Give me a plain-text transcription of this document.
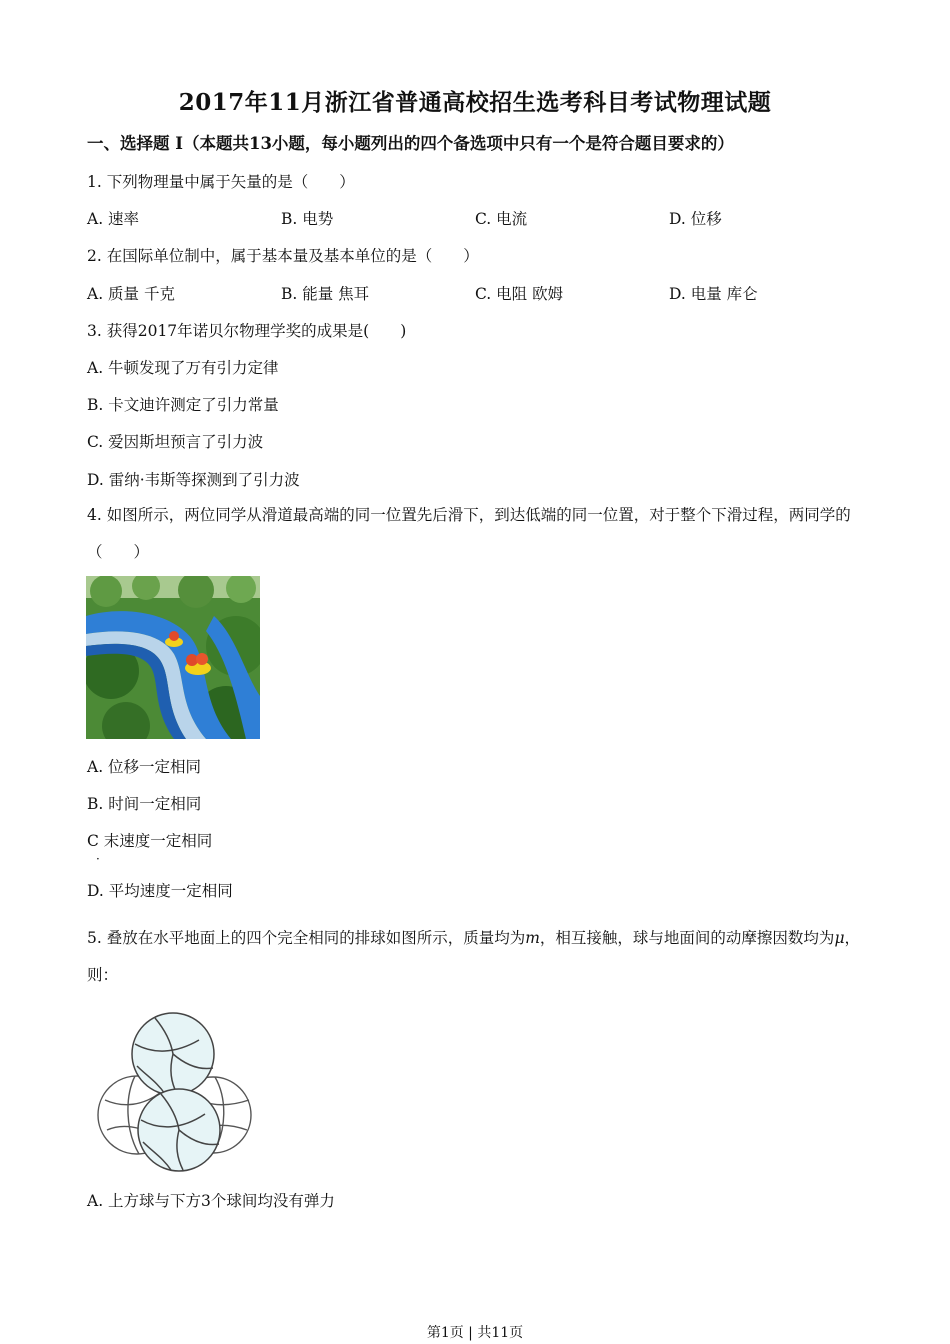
2017年11月浙江省普通高校招生选考科目考试物理试题
一、选择题 I（本题共13小题，每小题列出的四个备选项中只有一个是符合题目要求的）
1. 下列物理量中属于矢量的是（　　）
A. 速率	B. 电势	C. 电流	D. 位移
2. 在国际单位制中，属于基本量及基本单位的是（　　）
A. 质量 千克	B. 能量 焦耳	C. 电阻 欧姆	D. 电量 库仑
3. 获得2017年诺贝尔物理学奖的成果是(　　)
A. 牛顿发现了万有引力定律
B. 卡文迪许测定了引力常量
C. 爱因斯坦预言了引力波
D. 雷纳·韦斯等探测到了引力波
4. 如图所示，两位同学从滑道最高端的同一位置先后滑下，到达低端的同一位置，对于整个下滑过程，两同学的（　　）
A. 位移一定相同
B. 时间一定相同
C 末速度一定相同
·
D. 平均速度一定相同
5. 叠放在水平地面上的四个完全相同的排球如图所示，质量均为m，相互接触，球与地面间的动摩擦因数均为μ，则：
A. 上方球与下方3个球间均没有弹力
第1页 | 共11页
